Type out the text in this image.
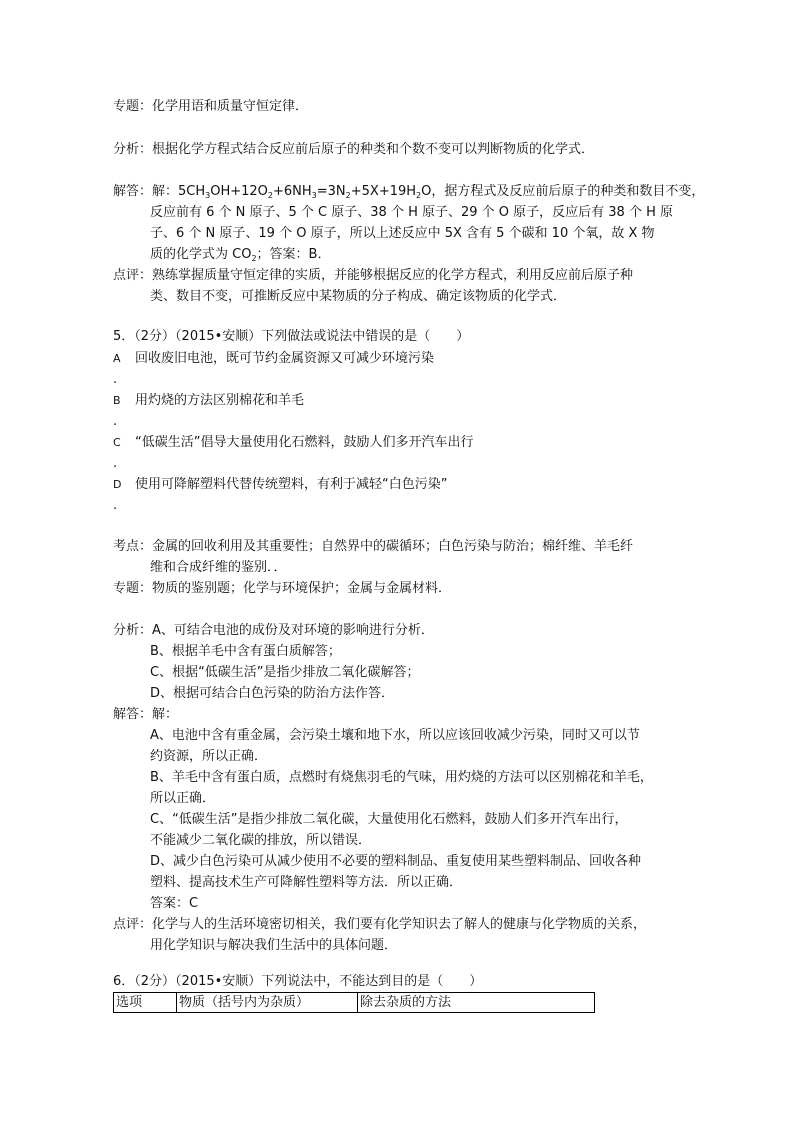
专题：化学用语和质量守恒定律．
分析：根据化学方程式结合反应前后原子的种类和个数不变可以判断物质的化学式．
解答：解：$5CH_3OH+12O_2+6NH_3=3N_2+5X+19H_2O$，据方程式及反应前后原子的种类和数目不变，
反应前有 6 个 N 原子、5 个 C 原子、38 个 H 原子、29 个 O 原子，反应后有 38 个 H 原
子、6 个 N 原子、19 个 O 原子，所以上述反应中 5X 含有 5 个碳和 10 个氧，故 X 物
质的化学式为 $CO_2$；答案：B．
点评：熟练掌握质量守恒定律的实质，并能够根据反应的化学方程式，利用反应前后原子种
类、数目不变，可推断反应中某物质的分子构成、确定该物质的化学式．
5．（2分）（2015•安顺）下列做法或说法中错误的是（　　）
A 回收废旧电池，既可节约金属资源又可减少环境污染
.
B 用灼烧的方法区别棉花和羊毛
.
C “低碳生活”倡导大量使用化石燃料，鼓励人们多开汽车出行
.
D 使用可降解塑料代替传统塑料，有利于减轻“白色污染”
.
考点：金属的回收利用及其重要性；自然界中的碳循环；白色污染与防治；棉纤维、羊毛纤
维和合成纤维的鉴别．．
专题：物质的鉴别题；化学与环境保护；金属与金属材料．
分析：A、可结合电池的成份及对环境的影响进行分析．
B、根据羊毛中含有蛋白质解答；
C、根据“低碳生活”是指少排放二氧化碳解答；
D、根据可结合白色污染的防治方法作答．
解答：解：
A、电池中含有重金属，会污染土壤和地下水，所以应该回收减少污染，同时又可以节
约资源，所以正确．
B、羊毛中含有蛋白质，点燃时有烧焦羽毛的气味，用灼烧的方法可以区别棉花和羊毛，
所以正确．
C、“低碳生活”是指少排放二氧化碳，大量使用化石燃料，鼓励人们多开汽车出行，
不能减少二氧化碳的排放，所以错误．
D、减少白色污染可从减少使用不必要的塑料制品、重复使用某些塑料制品、回收各种
塑料、提高技术生产可降解性塑料等方法．所以正确．
答案：C
点评：化学与人的生活环境密切相关，我们要有化学知识去了解人的健康与化学物质的关系，
用化学知识与解决我们生活中的具体问题．
6．（2分）（2015•安顺）下列说法中，不能达到目的是（　　）
选项	物质（括号内为杂质）	除去杂质的方法
